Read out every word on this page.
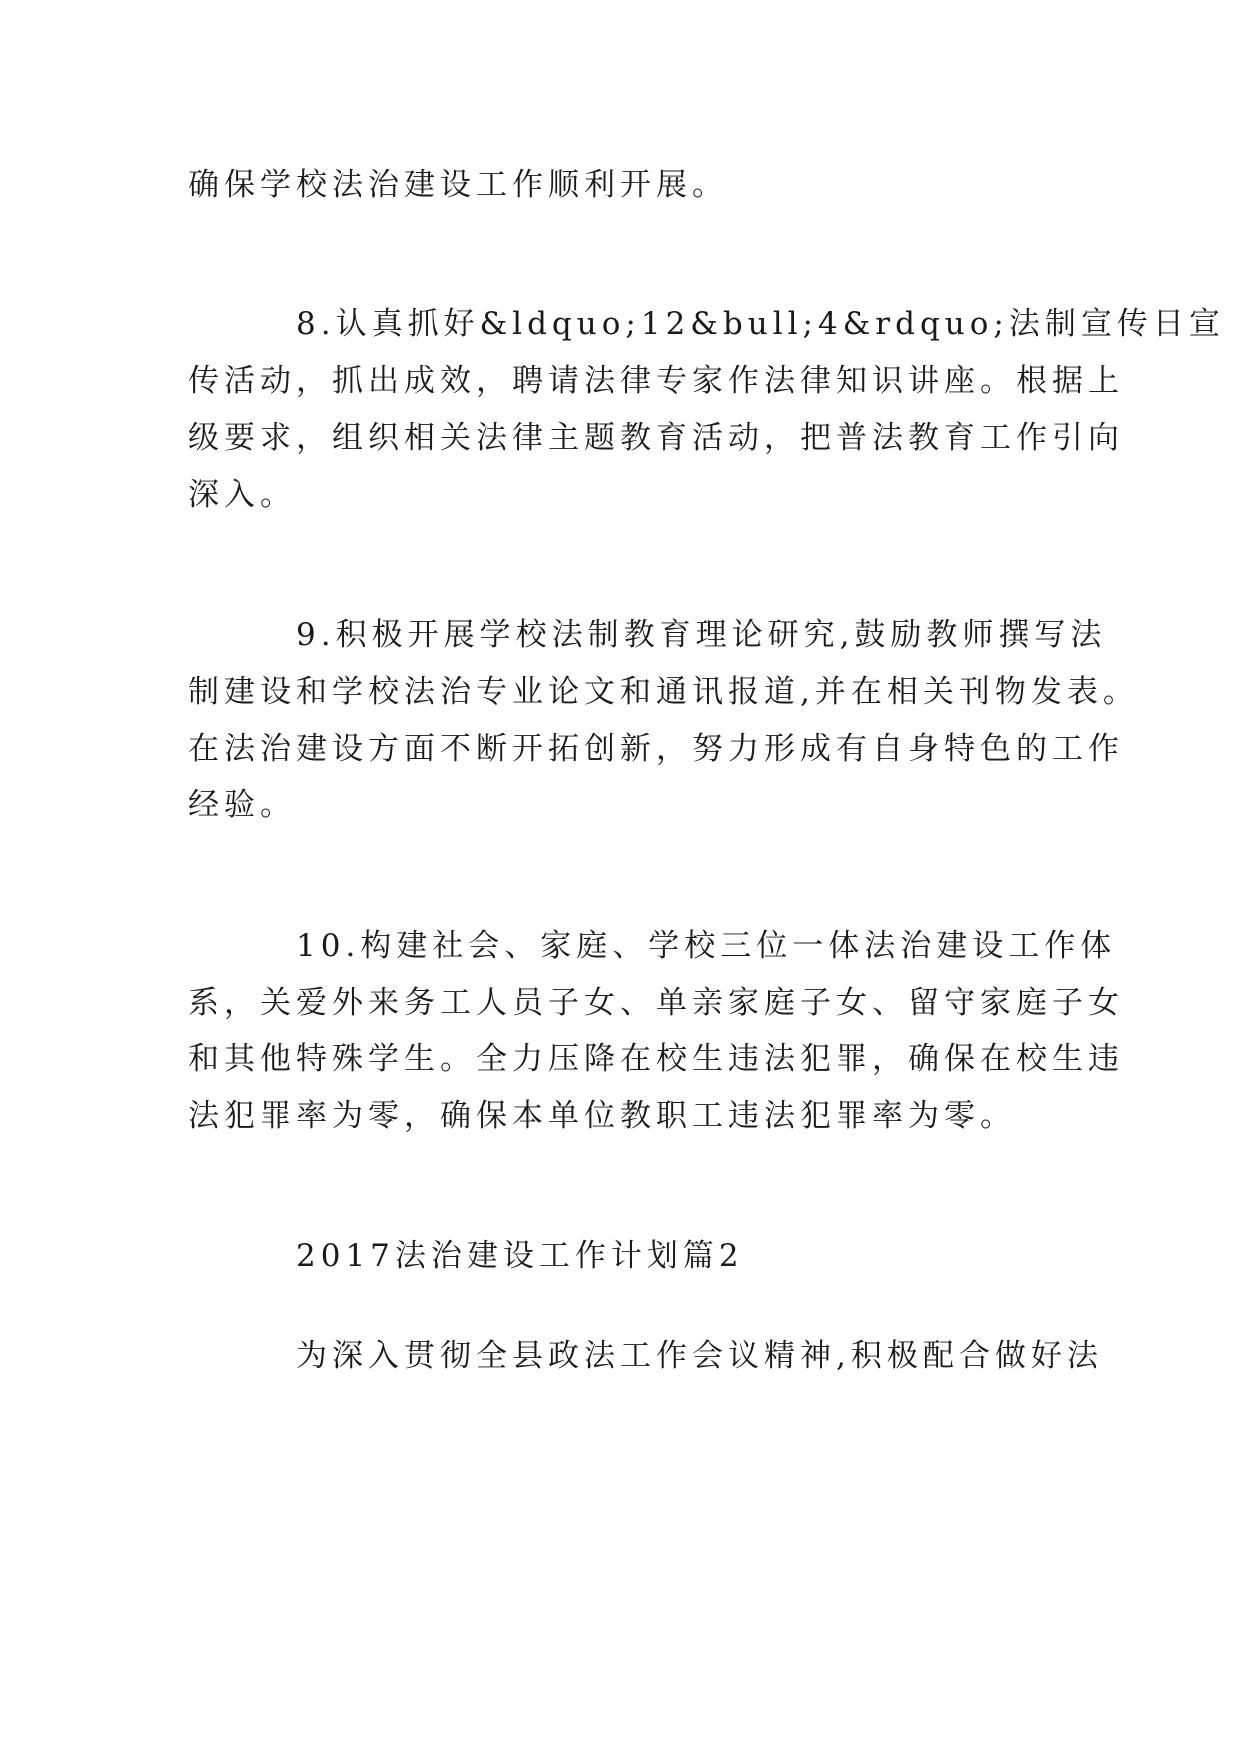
确保学校法治建设工作顺利开展。
8.认真抓好&ldquo;12&bull;4&rdquo;法制宣传日宣
传活动，抓出成效，聘请法律专家作法律知识讲座。根据上
级要求，组织相关法律主题教育活动，把普法教育工作引向
深入。
9.积极开展学校法制教育理论研究,鼓励教师撰写法
制建设和学校法治专业论文和通讯报道,并在相关刊物发表。
在法治建设方面不断开拓创新，努力形成有自身特色的工作
经验。
10.构建社会、家庭、学校三位一体法治建设工作体
系，关爱外来务工人员子女、单亲家庭子女、留守家庭子女
和其他特殊学生。全力压降在校生违法犯罪，确保在校生违
法犯罪率为零，确保本单位教职工违法犯罪率为零。
2017法治建设工作计划篇2
为深入贯彻全县政法工作会议精神,积极配合做好法
